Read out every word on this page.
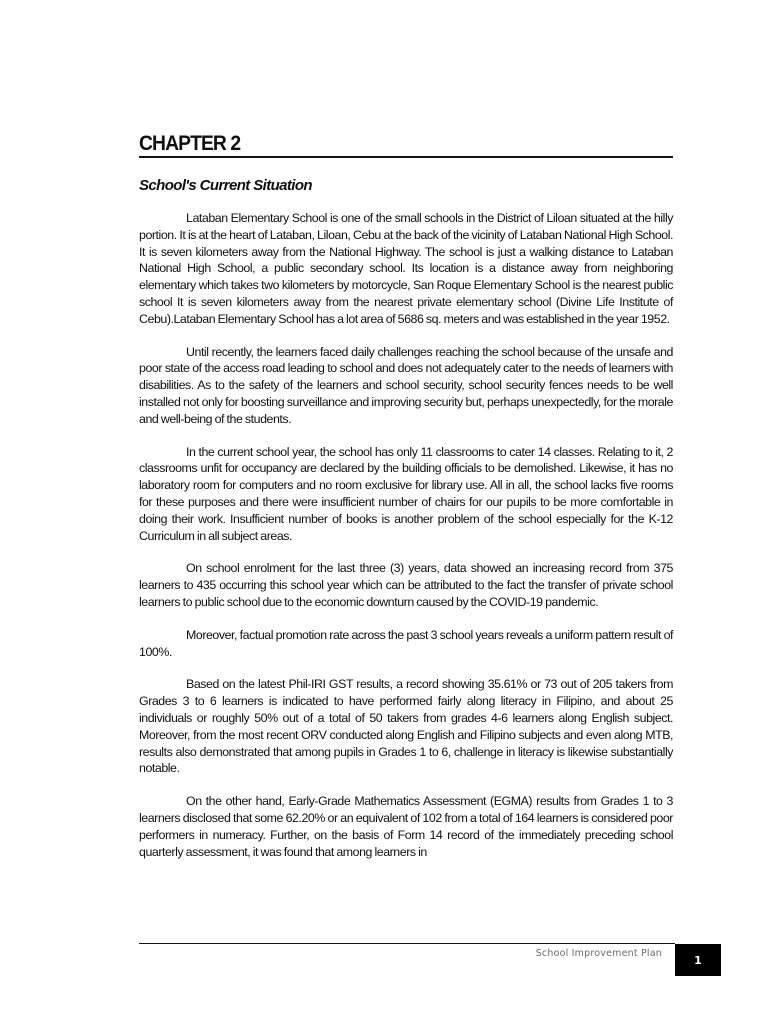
CHAPTER 2
School's Current Situation

Lataban Elementary School is one of the small schools in the District of Liloan situated at the hilly portion. It is at the heart of Lataban, Liloan, Cebu at the back of the vicinity of Lataban National High School. It is seven kilometers away from the National Highway. The school is just a walking distance to Lataban National High School, a public secondary school. Its location is a distance away from neighboring elementary which takes two kilometers by motorcycle, San Roque Elementary School is the nearest public school It is seven kilometers away from the nearest private elementary school (Divine Life Institute of Cebu).Lataban Elementary School has a lot area of 5686 sq. meters and was established in the year 1952.

Until recently, the learners faced daily challenges reaching the school because of the unsafe and poor state of the access road leading to school and does not adequately cater to the needs of learners with disabilities. As to the safety of the learners and school security, school security fences needs to be well installed not only for boosting surveillance and improving security but, perhaps unexpectedly, for the morale and well-being of the students.

In the current school year, the school has only 11 classrooms to cater 14 classes. Relating to it, 2 classrooms unfit for occupancy are declared by the building officials to be demolished. Likewise, it has no laboratory room for computers and no room exclusive for library use. All in all, the school lacks five rooms for these purposes and there were insufficient number of chairs for our pupils to be more comfortable in doing their work. Insufficient number of books is another problem of the school especially for the K-12 Curriculum in all subject areas.

On school enrolment for the last three (3) years, data showed an increasing record from 375 learners to 435 occurring this school year which can be attributed to the fact the transfer of private school learners to public school due to the economic downturn caused by the COVID-19 pandemic.

Moreover, factual promotion rate across the past 3 school years reveals a uniform pattern result of 100%.

Based on the latest Phil-IRI GST results, a record showing 35.61% or 73 out of 205 takers from Grades 3 to 6 learners is indicated to have performed fairly along literacy in Filipino, and about 25 individuals or roughly 50% out of a total of 50 takers from grades 4-6 learners along English subject. Moreover, from the most recent ORV conducted along English and Filipino subjects and even along MTB, results also demonstrated that among pupils in Grades 1 to 6, challenge in literacy is likewise substantially notable.

On the other hand, Early-Grade Mathematics Assessment (EGMA) results from Grades 1 to 3 learners disclosed that some 62.20% or an equivalent of 102 from a total of 164 learners is considered poor performers in numeracy. Further, on the basis of Form 14 record of the immediately preceding school quarterly assessment, it was found that among learners in

School Improvement Plan	1
